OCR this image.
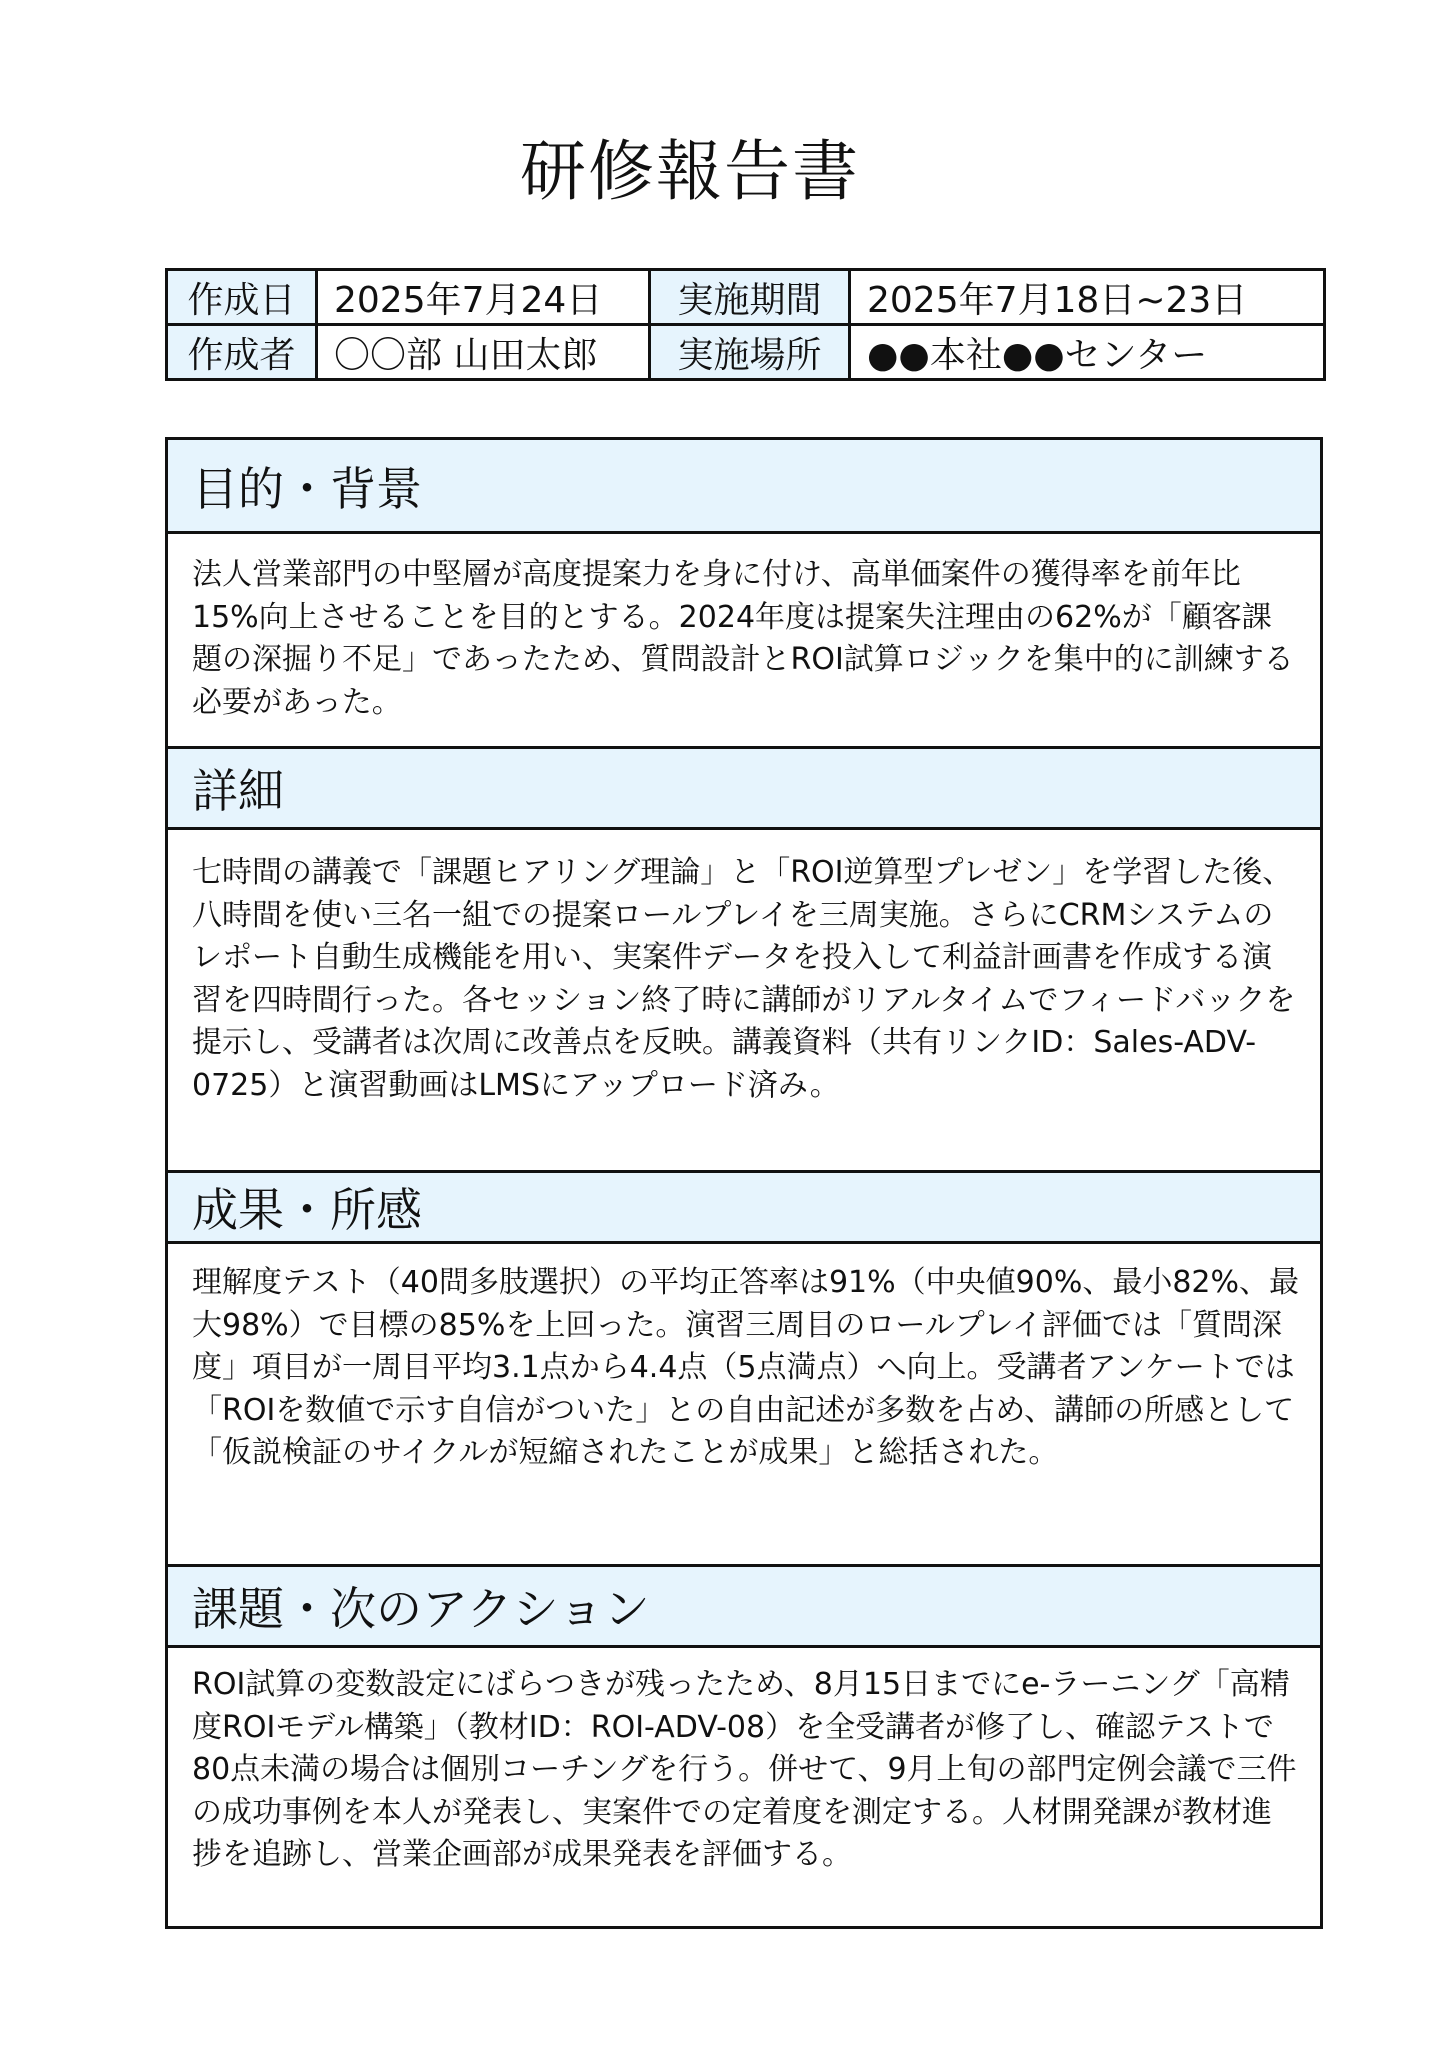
研修報告書
作成日	2025年7月24日	実施期間	2025年7月18日~23日
作成者	〇〇部 山田太郎	実施場所	●●本社●●センター
目的・背景
法人営業部門の中堅層が高度提案力を身に付け、高単価案件の獲得率を前年比15%向上させることを目的とする。2024年度は提案失注理由の62%が「顧客課題の深掘り不足」であったため、質問設計とROI試算ロジックを集中的に訓練する必要があった。
詳細
七時間の講義で「課題ヒアリング理論」と「ROI逆算型プレゼン」を学習した後、八時間を使い三名一組での提案ロールプレイを三周実施。さらにCRMシステムのレポート自動生成機能を用い、実案件データを投入して利益計画書を作成する演習を四時間行った。各セッション終了時に講師がリアルタイムでフィードバックを提示し、受講者は次周に改善点を反映。講義資料（共有リンクID：Sales-ADV-0725）と演習動画はLMSにアップロード済み。
成果・所感
理解度テスト（40問多肢選択）の平均正答率は91%（中央値90%、最小82%、最大98%）で目標の85%を上回った。演習三周目のロールプレイ評価では「質問深度」項目が一周目平均3.1点から4.4点（5点満点）へ向上。受講者アンケートでは「ROIを数値で示す自信がついた」との自由記述が多数を占め、講師の所感として「仮説検証のサイクルが短縮されたことが成果」と総括された。
課題・次のアクション
ROI試算の変数設定にばらつきが残ったため、8月15日までにe-ラーニング「高精度ROIモデル構築」（教材ID：ROI-ADV-08）を全受講者が修了し、確認テストで80点未満の場合は個別コーチングを行う。併せて、9月上旬の部門定例会議で三件の成功事例を本人が発表し、実案件での定着度を測定する。人材開発課が教材進捗を追跡し、営業企画部が成果発表を評価する。
